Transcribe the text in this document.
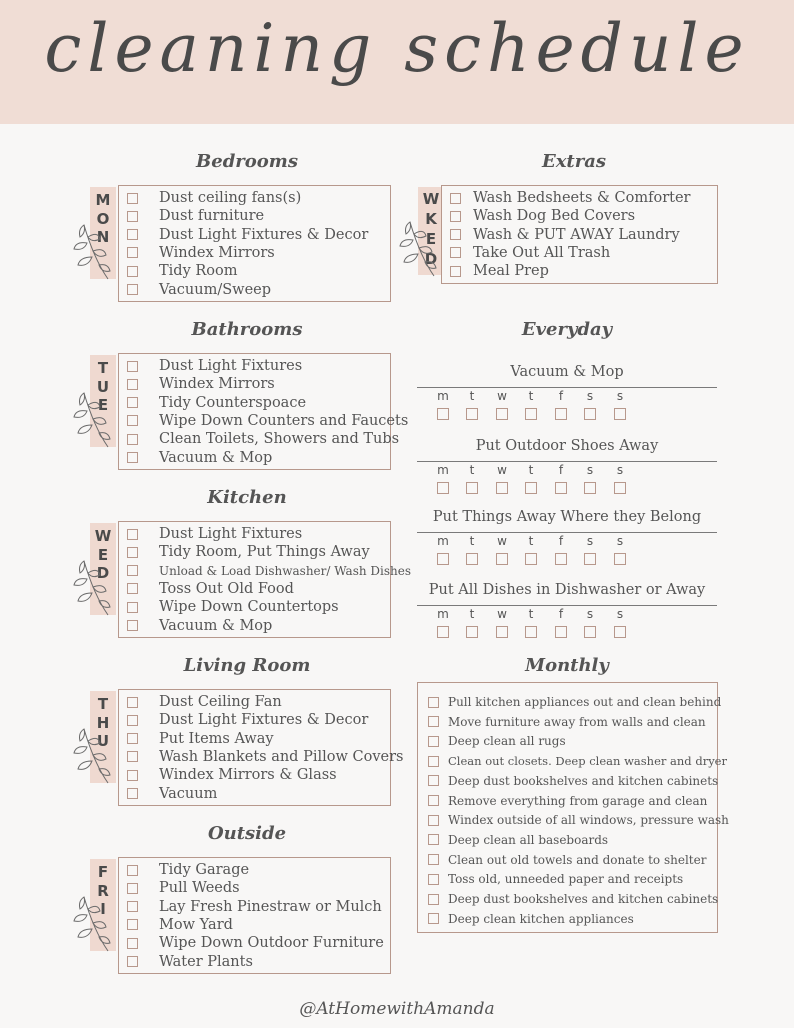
cleaning schedule
@AtHomewithAmanda
Bedrooms
M
O
N
Dust ceiling fans(s)
Dust furniture
Dust Light Fixtures & Decor
Windex Mirrors
Tidy Room
Vacuum/Sweep
Bathrooms
T
U
E
Dust Light Fixtures
Windex Mirrors
Tidy Counterspoace
Wipe Down Counters and Faucets
Clean Toilets, Showers and Tubs
Vacuum & Mop
Kitchen
W
E
D
Dust Light Fixtures
Tidy Room, Put Things Away
Unload & Load Dishwasher/ Wash Dishes
Toss Out Old Food
Wipe Down Countertops
Vacuum & Mop
Living Room
T
H
U
Dust Ceiling Fan
Dust Light Fixtures & Decor
Put Items Away
Wash Blankets and Pillow Covers
Windex Mirrors & Glass
Vacuum
Outside
F
R
I
Tidy Garage
Pull Weeds
Lay Fresh Pinestraw or Mulch
Mow Yard
Wipe Down Outdoor Furniture
Water Plants
Extras
W
K
E
D
Wash Bedsheets & Comforter
Wash Dog Bed Covers
Wash & PUT AWAY Laundry
Take Out All Trash
Meal Prep
Everyday
Vacuum & Mop
m	t	w	t	f	s	s
Put Outdoor Shoes Away
m	t	w	t	f	s	s
Put Things Away Where they Belong
m	t	w	t	f	s	s
Put All Dishes in Dishwasher or Away
m	t	w	t	f	s	s
Monthly
Pull kitchen appliances out and clean behind
Move furniture away from walls and clean
Deep clean all rugs
Clean out closets. Deep clean washer and dryer
Deep dust bookshelves and kitchen cabinets
Remove everything from garage and clean
Windex outside of all windows, pressure wash
Deep clean all baseboards
Clean out old towels and donate to shelter
Toss old, unneeded paper and receipts
Deep dust bookshelves and kitchen cabinets
Deep clean kitchen appliances
